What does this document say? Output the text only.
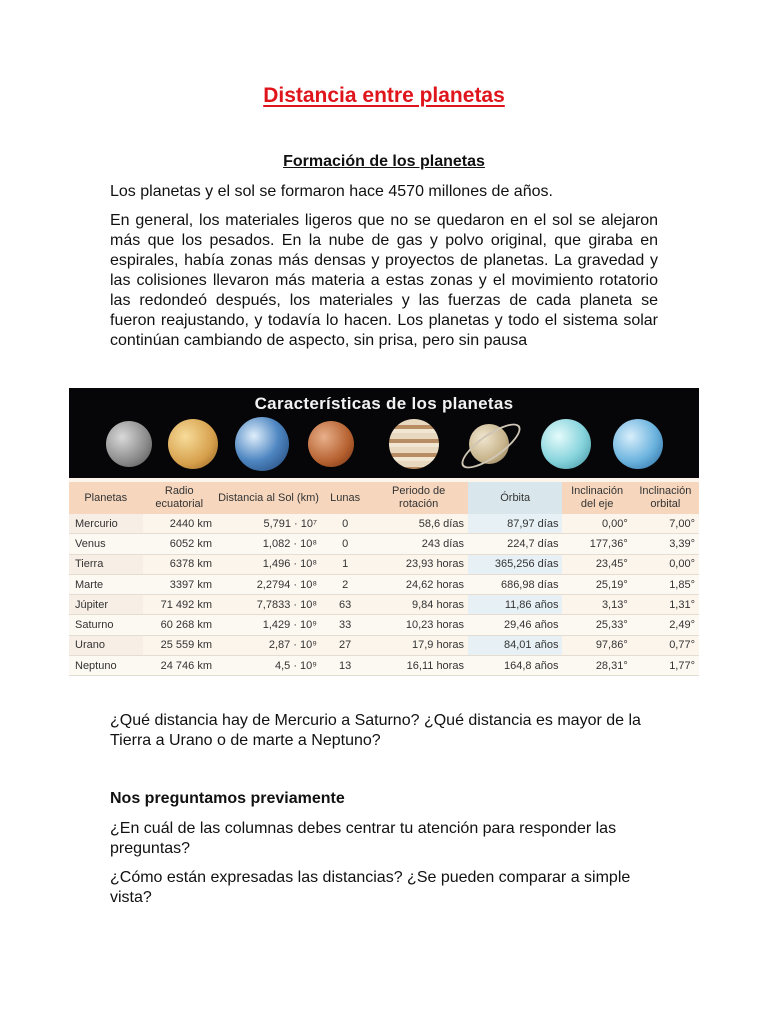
Distancia entre planetas
Formación de los planetas

Los planetas y el sol se formaron hace 4570 millones de años.

En general, los materiales ligeros que no se quedaron en el sol se alejaron más que los pesados. En la nube de gas y polvo original, que giraba en espirales, había zonas más densas y proyectos de planetas. La gravedad y las colisiones llevaron más materia a estas zonas y el movimiento rotatorio las redondeó después, los materiales y las fuerzas de cada planeta se fueron reajustando, y todavía lo hacen. Los planetas y todo el sistema solar continúan cambiando de aspecto, sin prisa, pero sin pausa

Características de los planetas
Planetas	Radio ecuatorial	Distancia al Sol (km)	Lunas	Periodo de rotación	Órbita	Inclinación del eje	Inclinación orbital
Mercurio	2440 km	5,791 · 10⁷	0	58,6 días	87,97 días	0,00°	7,00°
Venus	6052 km	1,082 · 10⁸	0	243 días	224,7 días	177,36°	3,39°
Tierra	6378 km	1,496 · 10⁸	1	23,93 horas	365,256 días	23,45°	0,00°
Marte	3397 km	2,2794 · 10⁸	2	24,62 horas	686,98 días	25,19°	1,85°
Júpiter	71 492 km	7,7833 · 10⁸	63	9,84 horas	11,86 años	3,13°	1,31°
Saturno	60 268 km	1,429 · 10⁹	33	10,23 horas	29,46 años	25,33°	2,49°
Urano	25 559 km	2,87 · 10⁹	27	17,9 horas	84,01 años	97,86°	0,77°
Neptuno	24 746 km	4,5 · 10⁹	13	16,11 horas	164,8 años	28,31°	1,77°

¿Qué distancia hay de Mercurio a Saturno? ¿Qué distancia es mayor de la Tierra a Urano o de marte a Neptuno?

Nos preguntamos previamente

¿En cuál de las columnas debes centrar tu atención para responder las preguntas?

¿Cómo están expresadas las distancias? ¿Se pueden comparar a simple vista?
